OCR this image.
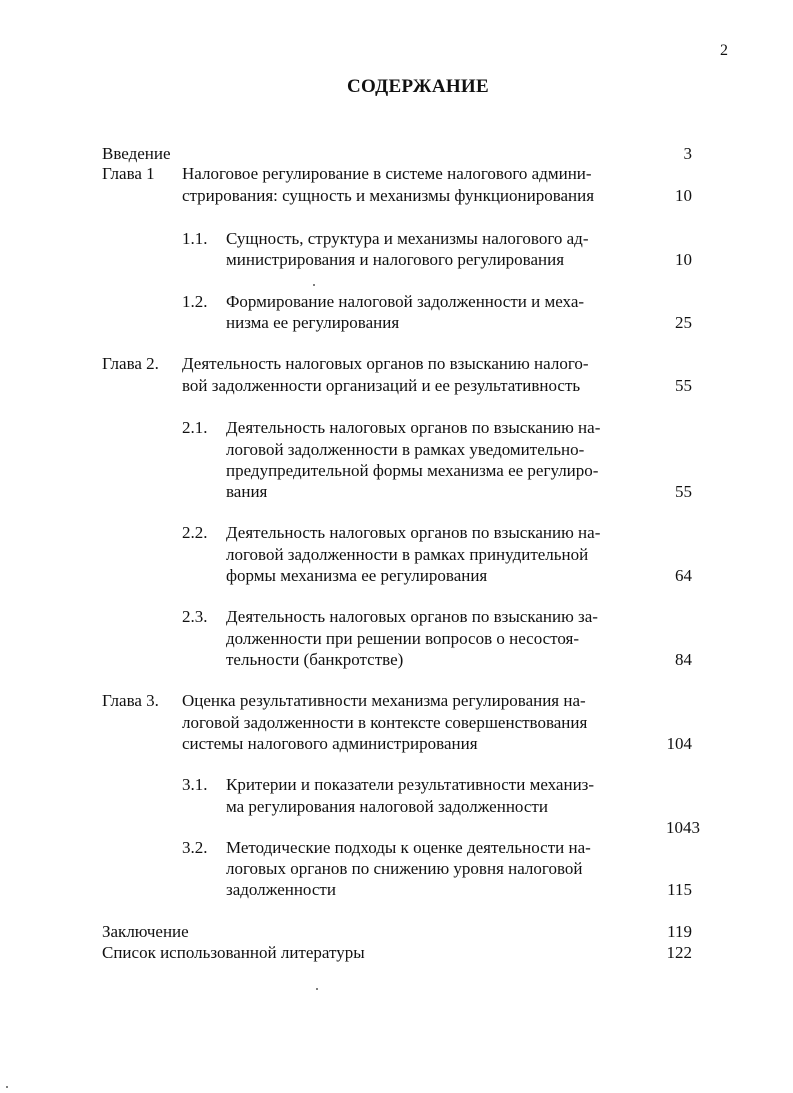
2
СОДЕРЖАНИЕ
Введение	3
Глава 1 Налоговое регулирование в системе налогового админи-
стрирования: сущность и механизмы функционирования	10
1.1. Сущность, структура и механизмы налогового ад-
министрирования и налогового регулирования	10
1.2. Формирование налоговой задолженности и меха-
низма ее регулирования	25
Глава 2. Деятельность налоговых органов по взысканию налого-
вой задолженности организаций и ее результативность	55
2.1. Деятельность налоговых органов по взысканию на-
логовой задолженности в рамках уведомительно-
предупредительной формы механизма ее регулиро-
вания	55
2.2. Деятельность налоговых органов по взысканию на-
логовой задолженности в рамках принудительной
формы механизма ее регулирования	64
2.3. Деятельность налоговых органов по взысканию за-
долженности при решении вопросов о несостоя-
тельности (банкротстве)	84
Глава 3. Оценка результативности механизма регулирования на-
логовой задолженности в контексте совершенствования
системы налогового администрирования	104
3.1. Критерии и показатели результативности механиз-
ма регулирования налоговой задолженности
1043
3.2. Методические подходы к оценке деятельности на-
логовых органов по снижению уровня налоговой
задолженности	115
Заключение	119
Список использованной литературы	122
